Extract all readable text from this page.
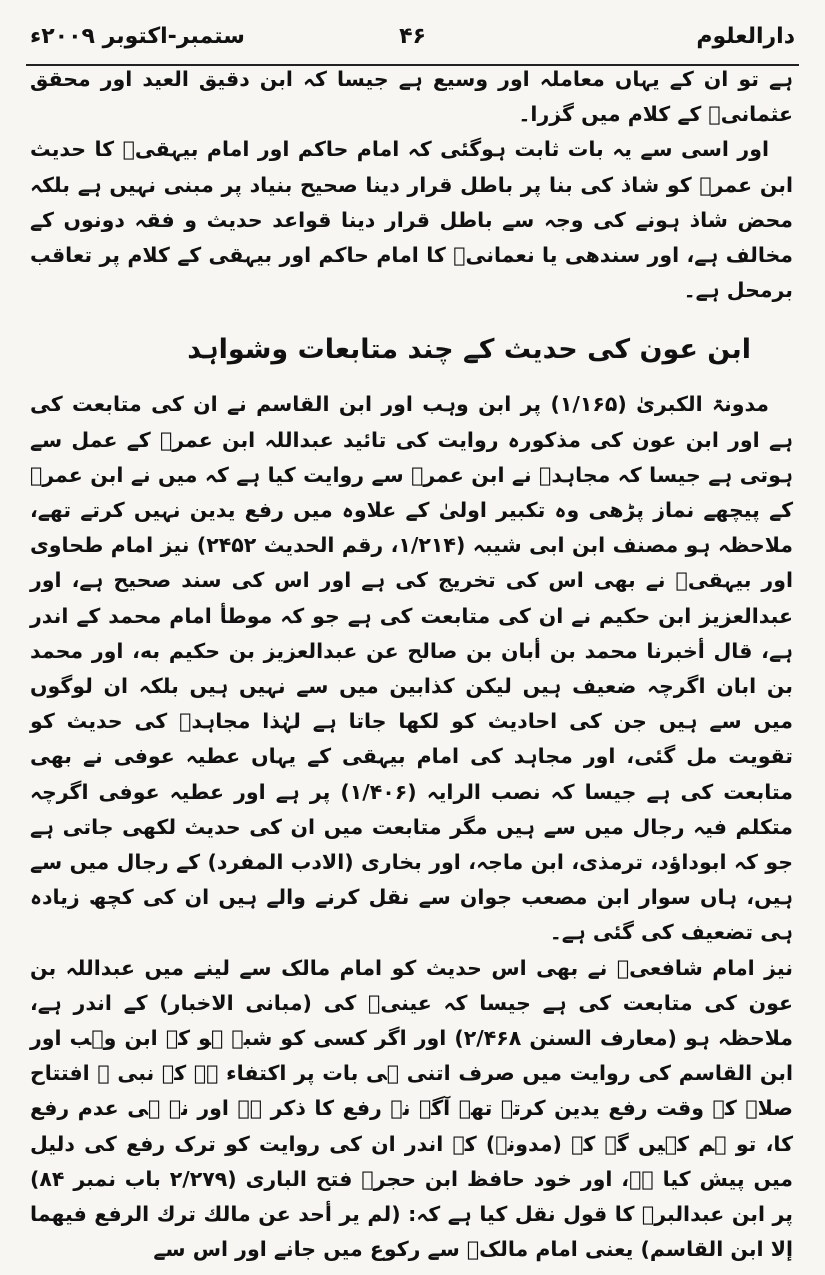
ستمبر-اکتوبر ۲۰۰۹ء	۴۶	دارالعلوم

ہے تو ان کے یہاں معاملہ اور وسیع ہے جیسا کہ ابن دقیق العید اور محقق عثمانیؒ کے کلام میں گزرا۔

اور اسی سے یہ بات ثابت ہوگئی کہ امام حاکم اور امام بیہقیؒ کا حدیث ابن عمرؓ کو شاذ کی بنا پر باطل قرار دینا صحیح بنیاد پر مبنی نہیں ہے بلکہ محض شاذ ہونے کی وجہ سے باطل قرار دینا قواعد حدیث و فقہ دونوں کے مخالف ہے، اور سندھی یا نعمانیؒ کا امام حاکم اور بیہقی کے کلام پر تعاقب برمحل ہے۔

ابن عون کی حدیث کے چند متابعات وشواہد

مدونۃ الکبریٰ (۱/۱۶۵) پر ابن وہب اور ابن القاسم نے ان کی متابعت کی ہے اور ابن عون کی مذکورہ روایت کی تائید عبداللہ ابن عمرؓ کے عمل سے ہوتی ہے جیسا کہ مجاہدؒ نے ابن عمرؓ سے روایت کیا ہے کہ میں نے ابن عمرؓ کے پیچھے نماز پڑھی وہ تکبیر اولیٰ کے علاوہ میں رفع یدین نہیں کرتے تھے، ملاحظہ ہو مصنف ابن ابی شیبہ (۱/۲۱۴، رقم الحدیث ۲۴۵۲) نیز امام طحاوی اور بیہقیؒ نے بھی اس کی تخریج کی ہے اور اس کی سند صحیح ہے، اور عبدالعزیز ابن حکیم نے ان کی متابعت کی ہے جو کہ موطأ امام محمد کے اندر ہے، قال أخبرنا محمد بن أبان بن صالح عن عبدالعزيز بن حكيم به، اور محمد بن ابان اگرچہ ضعیف ہیں لیکن کذابین میں سے نہیں ہیں بلکہ ان لوگوں میں سے ہیں جن کی احادیث کو لکھا جاتا ہے لہٰذا مجاہدؒ کی حدیث کو تقویت مل گئی، اور مجاہد کی امام بیہقی کے یہاں عطیہ عوفی نے بھی متابعت کی ہے جیسا کہ نصب الرایہ (۱/۴۰۶) پر ہے اور عطیہ عوفی اگرچہ متکلم فیہ رجال میں سے ہیں مگر متابعت میں ان کی حدیث لکھی جاتی ہے جو کہ ابوداؤد، ترمذی، ابن ماجہ، اور بخاری (الادب المفرد) کے رجال میں سے ہیں، ہاں سوار ابن مصعب جوان سے نقل کرنے والے ہیں ان کی کچھ زیادہ ہی تضعیف کی گئی ہے۔

نیز امام شافعیؒ نے بھی اس حدیث کو امام مالک سے لینے میں عبداللہ بن عون کی متابعت کی ہے جیسا کہ عینیؒ کی (مبانی الاخبار) کے اندر ہے، ملاحظہ ہو (معارف السنن ۲/۴۶۸) اور اگر کسی کو شبہ ہو کہ ابن وہب اور ابن القاسم کی روایت میں صرف اتنی ہی بات پر اکتفاء ہے کہ نبی ﷺ افتتاح صلاۃ کے وقت رفع یدین کرتے تھے آگے نہ رفع کا ذکر ہے اور نہ ہی عدم رفع کا، تو ہم کہیں گے کہ (مدونہ) کے اندر ان کی روایت کو ترک رفع کی دلیل میں پیش کیا ہے، اور خود حافظ ابن حجرؒ فتح الباری (۲/۲۷۹ باب نمبر ۸۴) پر ابن عبدالبرؒ کا قول نقل کیا ہے کہ: (لم یر أحد عن مالك ترك الرفع فيهما إلا ابن القاسم) یعنی امام مالکؒ سے رکوع میں جانے اور اس سے
